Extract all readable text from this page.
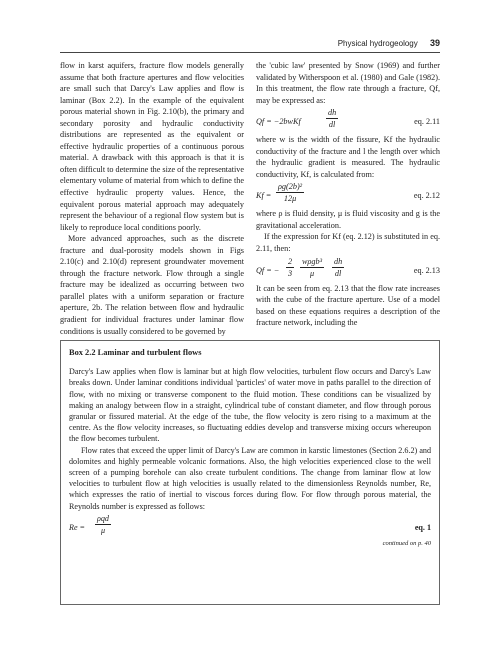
Physical hydrogeology 39

flow in karst aquifers, fracture flow models generally assume that both fracture apertures and flow velocities are small such that Darcy's Law applies and flow is laminar (Box 2.2). In the example of the equivalent porous material shown in Fig. 2.10(b), the primary and secondary porosity and hydraulic conductivity distributions are represented as the equivalent or effective hydraulic properties of a continuous porous material. A drawback with this approach is that it is often difficult to determine the size of the representative elementary volume of material from which to define the effective hydraulic property values. Hence, the equivalent porous material approach may adequately represent the behaviour of a regional flow system but is likely to reproduce local conditions poorly.

More advanced approaches, such as the discrete fracture and dual-porosity models shown in Figs 2.10(c) and 2.10(d) represent groundwater movement through the fracture network. Flow through a single fracture may be idealized as occurring between two parallel plates with a uniform separation or fracture aperture, 2b. The relation between flow and hydraulic gradient for individual fractures under laminar flow conditions is usually considered to be governed by

the 'cubic law' presented by Snow (1969) and further validated by Witherspoon et al. (1980) and Gale (1982). In this treatment, the flow rate through a fracture, Qf, may be expressed as:

Qf = −2bwKf	$\frac{dh}{dl}$	eq. 2.11

where w is the width of the fissure, Kf the hydraulic conductivity of the fracture and l the length over which the hydraulic gradient is measured. The hydraulic conductivity, Kf, is calculated from:

$Kf = \frac{\text{ρg(2b)²}}{12\mu}$	eq. 2.12

where ρ is fluid density, μ is fluid viscosity and g is the gravitational acceleration.

If the expression for Kf (eq. 2.12) is substituted in eq. 2.11, then:

Qf = − $\frac{2}{3} w\rho gb^3$
μ	$\frac{dh}{dl}$	eq. 2.13

It can be seen from eq. 2.13 that the flow rate increases with the cube of the fracture aperture. Use of a model based on these equations requires a description of the fracture network, including the

Box 2.2 Laminar and turbulent flows

Darcy's Law applies when flow is laminar but at high flow velocities, turbulent flow occurs and Darcy's Law breaks down. Under laminar conditions individual 'particles' of water move in paths parallel to the direction of flow, with no mixing or transverse component to the fluid motion. These conditions can be visualized by making an analogy between flow in a straight, cylindrical tube of constant diameter, and flow through porous granular or fissured material. At the edge of the tube, the flow velocity is zero rising to a maximum at the centre. As the flow velocity increases, so fluctuating eddies develop and transverse mixing occurs whereupon the flow becomes turbulent.

Flow rates that exceed the upper limit of Darcy's Law are common in karstic limestones (Section 2.6.2) and dolomites and highly permeable volcanic formations. Also, the high velocities experienced close to the well screen of a pumping borehole can also create turbulent conditions. The change from laminar flow at low velocities to turbulent flow at high velocities is usually related to the dimensionless Reynolds number, Re, which expresses the ratio of inertial to viscous forces during flow. For flow through porous material, the Reynolds number is expressed as follows:

Re =
ρqd
μ	eq. 1
continued on p. 40
